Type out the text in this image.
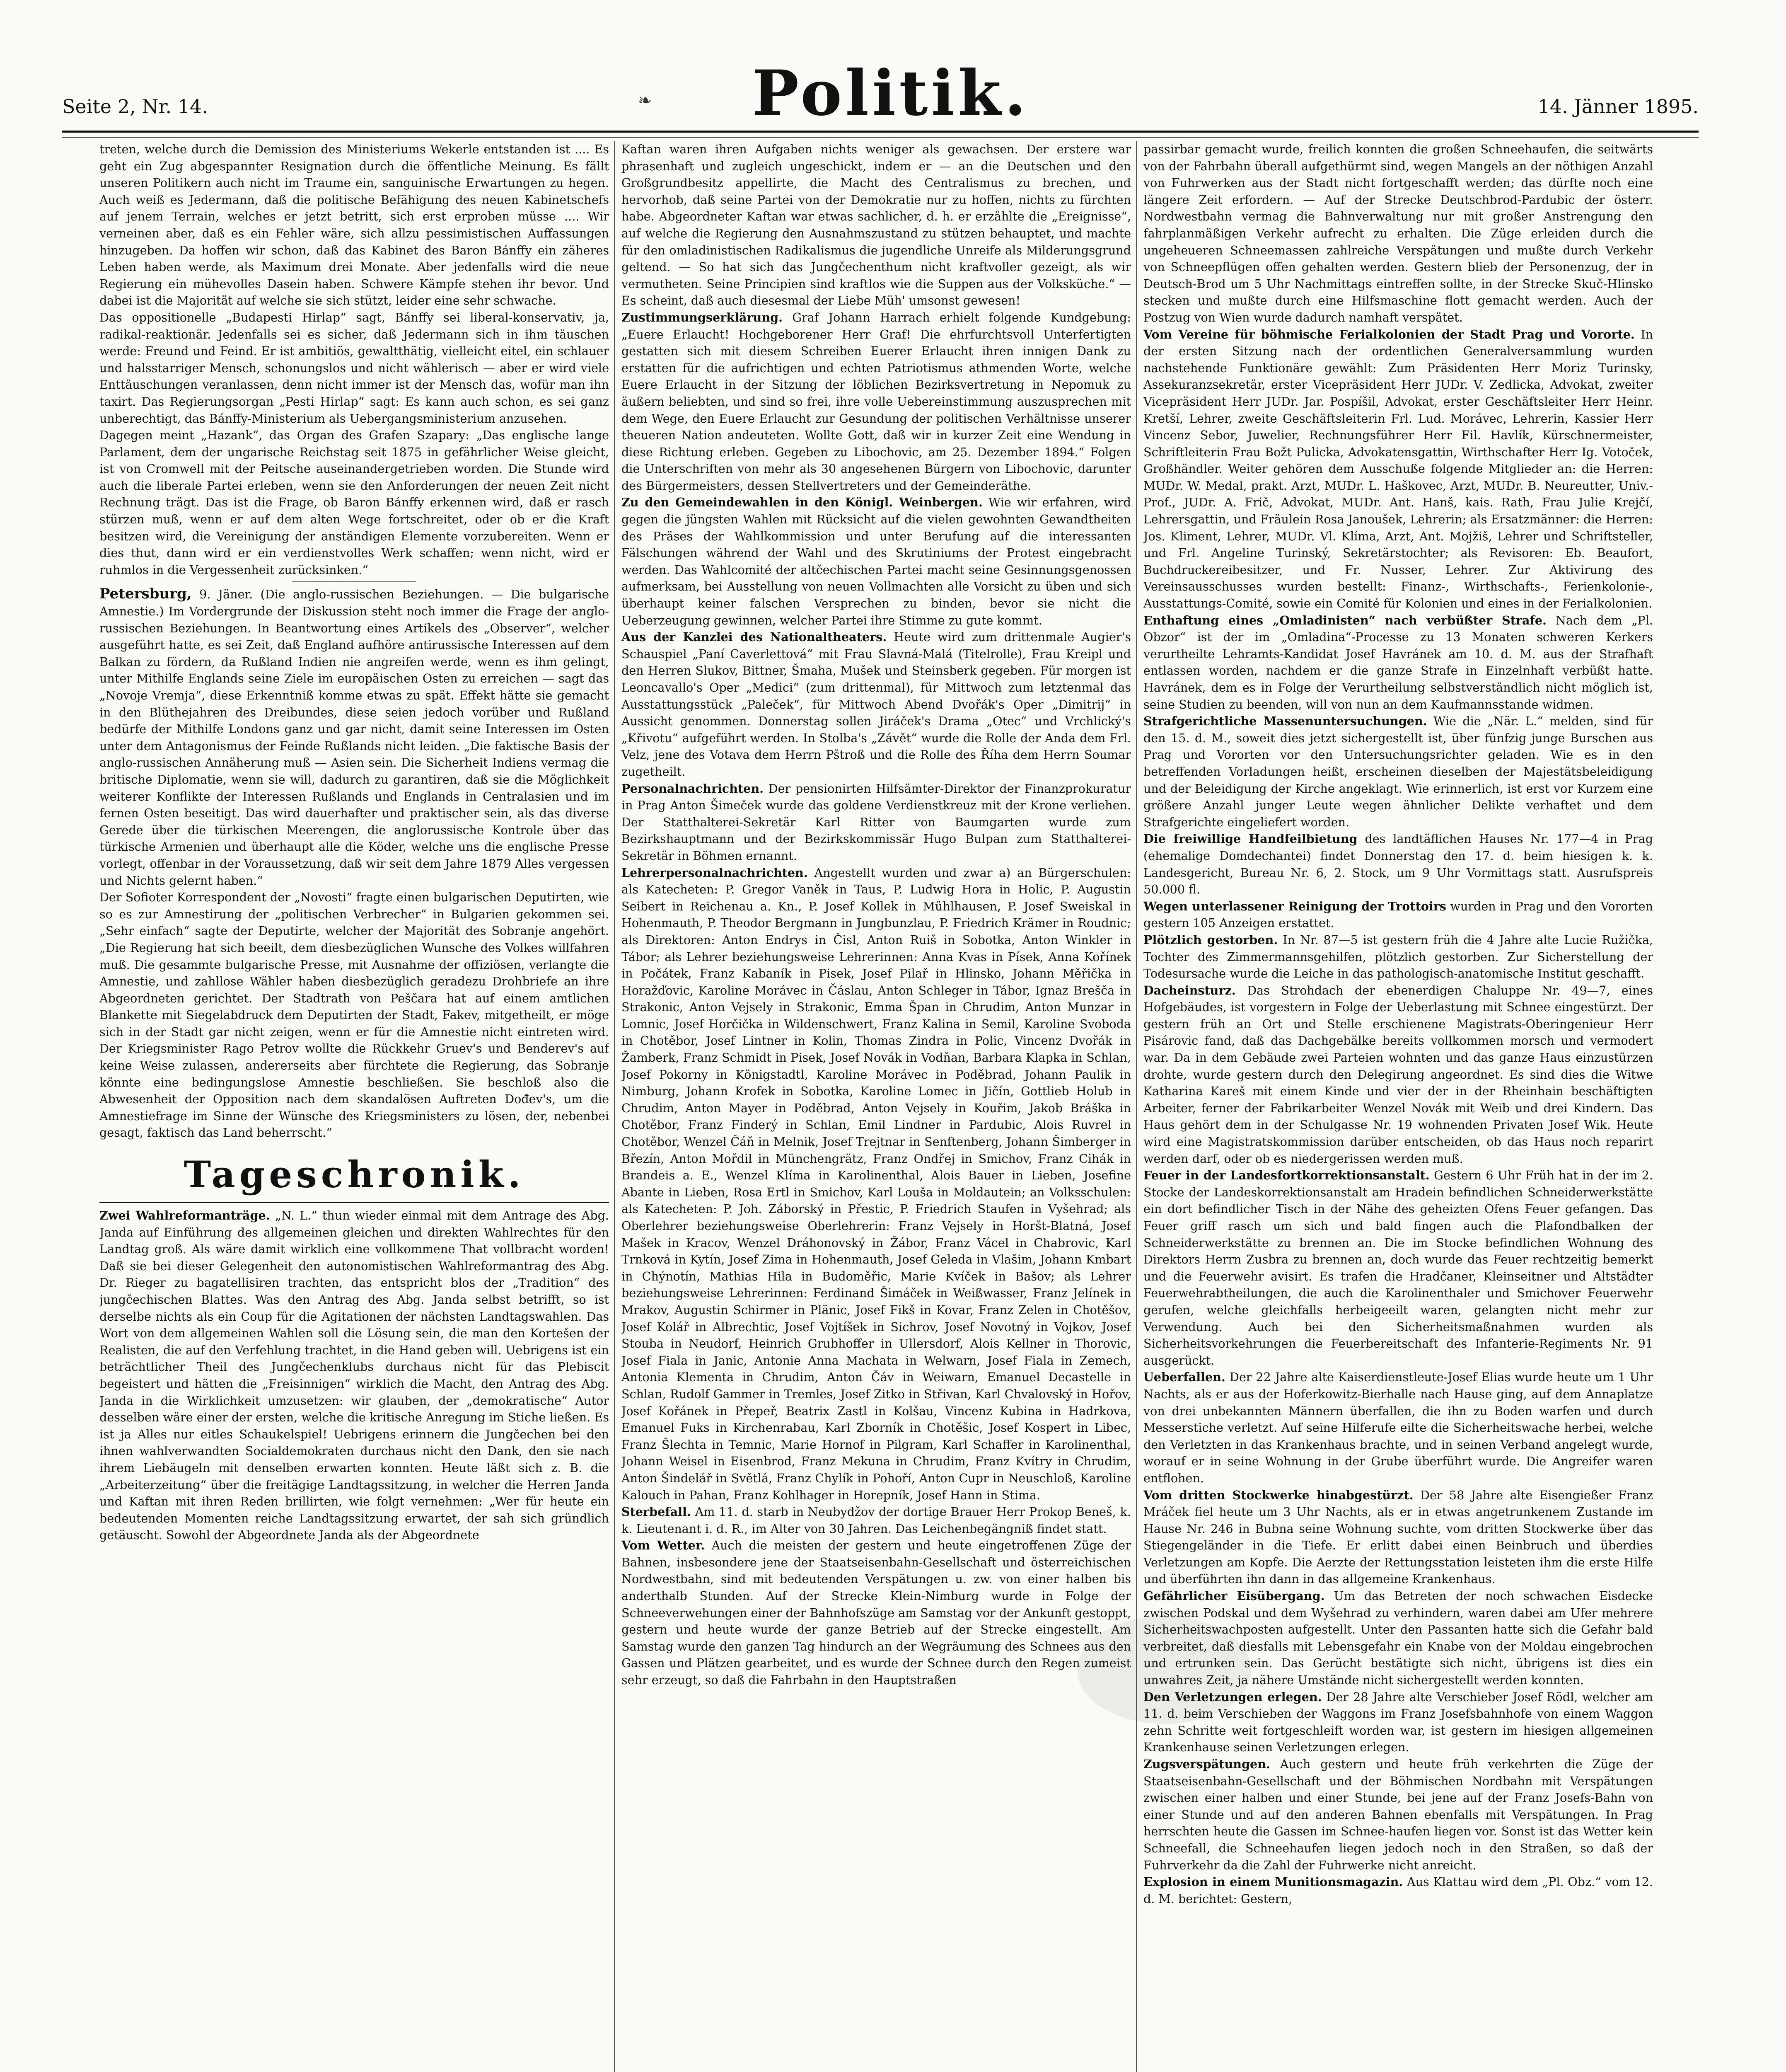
Seite 2, Nr. 14.	❧	Politik.	14. Jänner 1895.

treten, welche durch die Demission des Ministeriums Wekerle entstanden ist .... Es geht ein Zug abgespannter Resignation durch die öffentliche Meinung. Es fällt unseren Politikern auch nicht im Traume ein, sanguinische Erwartungen zu hegen. Auch weiß es Jedermann, daß die politische Befähigung des neuen Kabinetschefs auf jenem Terrain, welches er jetzt betritt, sich erst erproben müsse .... Wir verneinen aber, daß es ein Fehler wäre, sich allzu pessimistischen Auffassungen hinzugeben. Da hoffen wir schon, daß das Kabinet des Baron Bánffy ein zäheres Leben haben werde, als Maximum drei Monate. Aber jedenfalls wird die neue Regierung ein mühevolles Dasein haben. Schwere Kämpfe stehen ihr bevor. Und dabei ist die Majorität auf welche sie sich stützt, leider eine sehr schwache.

Das oppositionelle „Budapesti Hirlap“ sagt, Bánffy sei liberal-konservativ, ja, radikal-reaktionär. Jedenfalls sei es sicher, daß Jedermann sich in ihm täuschen werde: Freund und Feind. Er ist ambitiös, gewaltthätig, vielleicht eitel, ein schlauer und halsstarriger Mensch, schonungslos und nicht wählerisch — aber er wird viele Enttäuschungen veranlassen, denn nicht immer ist der Mensch das, wofür man ihn taxirt. Das Regierungsorgan „Pesti Hirlap“ sagt: Es kann auch schon, es sei ganz unberechtigt, das Bánffy-Ministerium als Uebergangsministerium anzusehen.

Dagegen meint „Hazank“, das Organ des Grafen Szapary: „Das englische lange Parlament, dem der ungarische Reichstag seit 1875 in gefährlicher Weise gleicht, ist von Cromwell mit der Peitsche auseinandergetrieben worden. Die Stunde wird auch die liberale Partei erleben, wenn sie den Anforderungen der neuen Zeit nicht Rechnung trägt. Das ist die Frage, ob Baron Bánffy erkennen wird, daß er rasch stürzen muß, wenn er auf dem alten Wege fortschreitet, oder ob er die Kraft besitzen wird, die Vereinigung der anständigen Elemente vorzubereiten. Wenn er dies thut, dann wird er ein verdienstvolles Werk schaffen; wenn nicht, wird er ruhmlos in die Vergessenheit zurücksinken.“

Petersburg, 9. Jäner. (Die anglo-russischen Beziehungen. — Die bulgarische Amnestie.) Im Vordergrunde der Diskussion steht noch immer die Frage der anglo-russischen Beziehungen. In Beantwortung eines Artikels des „Observer“, welcher ausgeführt hatte, es sei Zeit, daß England aufhöre antirussische Interessen auf dem Balkan zu fördern, da Rußland Indien nie angreifen werde, wenn es ihm gelingt, unter Mithilfe Englands seine Ziele im europäischen Osten zu erreichen — sagt das „Novoje Vremja“, diese Erkenntniß komme etwas zu spät. Effekt hätte sie gemacht in den Blüthejahren des Dreibundes, diese seien jedoch vorüber und Rußland bedürfe der Mithilfe Londons ganz und gar nicht, damit seine Interessen im Osten unter dem Antagonismus der Feinde Rußlands nicht leiden. „Die faktische Basis der anglo-russischen Annäherung muß — Asien sein. Die Sicherheit Indiens vermag die britische Diplomatie, wenn sie will, dadurch zu garantiren, daß sie die Möglichkeit weiterer Konflikte der Interessen Rußlands und Englands in Centralasien und im fernen Osten beseitigt. Das wird dauerhafter und praktischer sein, als das diverse Gerede über die türkischen Meerengen, die anglorussische Kontrole über das türkische Armenien und überhaupt alle die Köder, welche uns die englische Presse vorlegt, offenbar in der Voraussetzung, daß wir seit dem Jahre 1879 Alles vergessen und Nichts gelernt haben.“

Der Sofioter Korrespondent der „Novosti“ fragte einen bulgarischen Deputirten, wie so es zur Amnestirung der „politischen Verbrecher“ in Bulgarien gekommen sei. „Sehr einfach“ sagte der Deputirte, welcher der Majorität des Sobranje angehört. „Die Regierung hat sich beeilt, dem diesbezüglichen Wunsche des Volkes willfahren muß. Die gesammte bulgarische Presse, mit Ausnahme der offiziösen, verlangte die Amnestie, und zahllose Wähler haben diesbezüglich geradezu Drohbriefe an ihre Abgeordneten gerichtet. Der Stadtrath von Peščara hat auf einem amtlichen Blankette mit Siegelabdruck dem Deputirten der Stadt, Fakev, mitgetheilt, er möge sich in der Stadt gar nicht zeigen, wenn er für die Amnestie nicht eintreten wird. Der Kriegsminister Rago Petrov wollte die Rückkehr Gruev's und Benderev's auf keine Weise zulassen, andererseits aber fürchtete die Regierung, das Sobranje könnte eine bedingungslose Amnestie beschließen. Sie beschloß also die Abwesenheit der Opposition nach dem skandalösen Auftreten Dođev's, um die Amnestiefrage im Sinne der Wünsche des Kriegsministers zu lösen, der, nebenbei gesagt, faktisch das Land beherrscht.“

Tageschronik.

Zwei Wahlreformanträge. „N. L.“ thun wieder einmal mit dem Antrage des Abg. Janda auf Einführung des allgemeinen gleichen und direkten Wahlrechtes für den Landtag groß. Als wäre damit wirklich eine vollkommene That vollbracht worden! Daß sie bei dieser Gelegenheit den autonomistischen Wahlreformantrag des Abg. Dr. Rieger zu bagatellisiren trachten, das entspricht blos der „Tradition“ des jungčechischen Blattes. Was den Antrag des Abg. Janda selbst betrifft, so ist derselbe nichts als ein Coup für die Agitationen der nächsten Landtagswahlen. Das Wort von dem allgemeinen Wahlen soll die Lösung sein, die man den Kortešen der Realisten, die auf den Verfehlung trachtet, in die Hand geben will. Uebrigens ist ein beträchtlicher Theil des Jungčechenklubs durchaus nicht für das Plebiscit begeistert und hätten die „Freisinnigen“ wirklich die Macht, den Antrag des Abg. Janda in die Wirklichkeit umzusetzen: wir glauben, der „demokratische“ Autor desselben wäre einer der ersten, welche die kritische Anregung im Stiche ließen. Es ist ja Alles nur eitles Schaukelspiel! Uebrigens erinnern die Jungčechen bei den ihnen wahlverwandten Socialdemokraten durchaus nicht den Dank, den sie nach ihrem Liebäugeln mit denselben erwarten konnten. Heute läßt sich z. B. die „Arbeiterzeitung“ über die freitägige Landtagssitzung, in welcher die Herren Janda und Kaftan mit ihren Reden brillirten, wie folgt vernehmen: „Wer für heute ein bedeutenden Momenten reiche Landtagssitzung erwartet, der sah sich gründlich getäuscht. Sowohl der Abgeordnete Janda als der Abgeordnete

Kaftan waren ihren Aufgaben nichts weniger als gewachsen. Der erstere war phrasenhaft und zugleich ungeschickt, indem er — an die Deutschen und den Großgrundbesitz appellirte, die Macht des Centralismus zu brechen, und hervorhob, daß seine Partei von der Demokratie nur zu hoffen, nichts zu fürchten habe. Abgeordneter Kaftan war etwas sachlicher, d. h. er erzählte die „Ereignisse“, auf welche die Regierung den Ausnahmszustand zu stützen behauptet, und machte für den omladinistischen Radikalismus die jugendliche Unreife als Milderungsgrund geltend. — So hat sich das Jungčechenthum nicht kraftvoller gezeigt, als wir vermutheten. Seine Principien sind kraftlos wie die Suppen aus der Volksküche.“ — Es scheint, daß auch diesesmal der Liebe Müh' umsonst gewesen!

Zustimmungserklärung. Graf Johann Harrach erhielt folgende Kundgebung: „Euere Erlaucht! Hochgeborener Herr Graf! Die ehrfurchtsvoll Unterfertigten gestatten sich mit diesem Schreiben Euerer Erlaucht ihren innigen Dank zu erstatten für die aufrichtigen und echten Patriotismus athmenden Worte, welche Euere Erlaucht in der Sitzung der löblichen Bezirksvertretung in Nepomuk zu äußern beliebten, und sind so frei, ihre volle Uebereinstimmung auszusprechen mit dem Wege, den Euere Erlaucht zur Gesundung der politischen Verhältnisse unserer theueren Nation andeuteten. Wollte Gott, daß wir in kurzer Zeit eine Wendung in diese Richtung erleben. Gegeben zu Libochovic, am 25. Dezember 1894.“ Folgen die Unterschriften von mehr als 30 angesehenen Bürgern von Libochovic, darunter des Bürgermeisters, dessen Stellvertreters und der Gemeinderäthe.

Zu den Gemeindewahlen in den Königl. Weinbergen. Wie wir erfahren, wird gegen die jüngsten Wahlen mit Rücksicht auf die vielen gewohnten Gewandtheiten des Präses der Wahlkommission und unter Berufung auf die interessanten Fälschungen während der Wahl und des Skrutiniums der Protest eingebracht werden. Das Wahlcomité der altčechischen Partei macht seine Gesinnungsgenossen aufmerksam, bei Ausstellung von neuen Vollmachten alle Vorsicht zu üben und sich überhaupt keiner falschen Versprechen zu binden, bevor sie nicht die Ueberzeugung gewinnen, welcher Partei ihre Stimme zu gute kommt.

Aus der Kanzlei des Nationaltheaters. Heute wird zum drittenmale Augier's Schauspiel „Paní Caverlettová“ mit Frau Slavná-Malá (Titelrolle), Frau Kreipl und den Herren Slukov, Bittner, Šmaha, Mušek und Steinsberk gegeben. Für morgen ist Leoncavallo's Oper „Medici“ (zum drittenmal), für Mittwoch zum letztenmal das Ausstattungsstück „Paleček“, für Mittwoch Abend Dvořák's Oper „Dimitrij“ in Aussicht genommen. Donnerstag sollen Jiráček's Drama „Otec“ und Vrchlický's „Křivotu“ aufgeführt werden. In Stolba's „Závět“ wurde die Rolle der Anda dem Frl. Velz, jene des Votava dem Herrn Pštroß und die Rolle des Říha dem Herrn Soumar zugetheilt.

Personalnachrichten. Der pensionirten Hilfsämter-Direktor der Finanzprokuratur in Prag Anton Šimeček wurde das goldene Verdienstkreuz mit der Krone verliehen. Der Statthalterei-Sekretär Karl Ritter von Baumgarten wurde zum Bezirkshauptmann und der Bezirkskommissär Hugo Bulpan zum Statthalterei-Sekretär in Böhmen ernannt.

Lehrerpersonalnachrichten. Angestellt wurden und zwar a) an Bürgerschulen: als Katecheten: P. Gregor Vaněk in Taus, P. Ludwig Hora in Holic, P. Augustin Seibert in Reichenau a. Kn., P. Josef Kollek in Mühlhausen, P. Josef Sweiskal in Hohenmauth, P. Theodor Bergmann in Jungbunzlau, P. Friedrich Krämer in Roudnic; als Direktoren: Anton Endrys in Čisl, Anton Ruiš in Sobotka, Anton Winkler in Tábor; als Lehrer beziehungsweise Lehrerinnen: Anna Kvas in Písek, Anna Kořínek in Počátek, Franz Kabaník in Pisek, Josef Pilař in Hlinsko, Johann Měřička in Horažďovic, Karoline Morávec in Čáslau, Anton Schleger in Tábor, Ignaz Brešča in Strakonic, Anton Vejsely in Strakonic, Emma Špan in Chrudim, Anton Munzar in Lomnic, Josef Horčička in Wildenschwert, Franz Kalina in Semil, Karoline Svoboda in Chotěbor, Josef Lintner in Kolin, Thomas Zindra in Polic, Vincenz Dvořák in Žamberk, Franz Schmidt in Pisek, Josef Novák in Vodňan, Barbara Klapka in Schlan, Josef Pokorny in Königstadtl, Karoline Morávec in Poděbrad, Johann Paulik in Nimburg, Johann Krofek in Sobotka, Karoline Lomec in Jičín, Gottlieb Holub in Chrudim, Anton Mayer in Poděbrad, Anton Vejsely in Kouřim, Jakob Bráška in Chotěbor, Franz Finderý in Schlan, Emil Lindner in Pardubic, Alois Ruvrel in Chotěbor, Wenzel Čáň in Melnik, Josef Trejtnar in Senftenberg, Johann Šimberger in Březín, Anton Mořdil in Münchengrätz, Franz Ondřej in Smichov, Franz Cihák in Brandeis a. E., Wenzel Klíma in Karolinenthal, Alois Bauer in Lieben, Josefine Abante in Lieben, Rosa Ertl in Smichov, Karl Louša in Moldautein; an Volksschulen: als Katecheten: P. Joh. Záborský in Přestic, P. Friedrich Staufen in Vyšehrad; als Oberlehrer beziehungsweise Oberlehrerin: Franz Vejsely in Horšt-Blatná, Josef Mašek in Kracov, Wenzel Dráhonovský in Žábor, Franz Vácel in Chabrovic, Karl Trnková in Kytín, Josef Zima in Hohenmauth, Josef Geleda in Vlašim, Johann Kmbart in Chýnotín, Mathias Hila in Budoměřic, Marie Kvíček in Bašov; als Lehrer beziehungsweise Lehrerinnen: Ferdinand Šimáček in Weißwasser, Franz Jelínek in Mrakov, Augustin Schirmer in Plänic, Josef Fikš in Kovar, Franz Zelen in Chotěšov, Josef Kolář in Albrechtic, Josef Vojtíšek in Sichrov, Josef Novotný in Vojkov, Josef Stouba in Neudorf, Heinrich Grubhoffer in Ullersdorf, Alois Kellner in Thorovic, Josef Fiala in Janic, Antonie Anna Machata in Welwarn, Josef Fiala in Zemech, Antonia Klementa in Chrudim, Anton Čáv in Weiwarn, Emanuel Decastelle in Schlan, Rudolf Gammer in Tremles, Josef Zitko in Střivan, Karl Chvalovský in Hořov, Josef Kořánek in Přepeř, Beatrix Zastl in Kolšau, Vincenz Kubina in Hadrkova, Emanuel Fuks in Kirchenrabau, Karl Zborník in Chotěšic, Josef Kospert in Libec, Franz Šlechta in Temnic, Marie Hornof in Pilgram, Karl Schaffer in Karolinenthal, Johann Weisel in Eisenbrod, Franz Mekuna in Chrudim, Franz Kvítry in Chrudim, Anton Šindelář in Světlá, Franz Chylík in Pohoří, Anton Cupr in Neuschloß, Karoline Kalouch in Pahan, Franz Kohlhager in Horepník, Josef Hann in Stima.

Sterbefall. Am 11. d. starb in Neubydžov der dortige Brauer Herr Prokop Beneš, k. k. Lieutenant i. d. R., im Alter von 30 Jahren. Das Leichenbegängniß findet statt.

Vom Wetter. Auch die meisten der gestern und heute eingetroffenen Züge der Bahnen, insbesondere jene der Staatseisenbahn-Gesellschaft und österreichischen Nordwestbahn, sind mit bedeutenden Verspätungen u. zw. von einer halben bis anderthalb Stunden. Auf der Strecke Klein-Nimburg wurde in Folge der Schneeverwehungen einer der Bahnhofszüge am Samstag vor der Ankunft gestoppt, gestern und heute wurde der ganze Betrieb auf der Strecke eingestellt. Am Samstag wurde den ganzen Tag hindurch an der Wegräumung des Schnees aus den Gassen und Plätzen gearbeitet, und es wurde der Schnee durch den Regen zumeist sehr erzeugt, so daß die Fahrbahn in den Hauptstraßen

passirbar gemacht wurde, freilich konnten die großen Schneehaufen, die seitwärts von der Fahrbahn überall aufgethürmt sind, wegen Mangels an der nöthigen Anzahl von Fuhrwerken aus der Stadt nicht fortgeschafft werden; das dürfte noch eine längere Zeit erfordern. — Auf der Strecke Deutschbrod-Pardubic der österr. Nordwestbahn vermag die Bahnverwaltung nur mit großer Anstrengung den fahrplanmäßigen Verkehr aufrecht zu erhalten. Die Züge erleiden durch die ungeheueren Schneemassen zahlreiche Verspätungen und mußte durch Verkehr von Schneepflügen offen gehalten werden. Gestern blieb der Personenzug, der in Deutsch-Brod um 5 Uhr Nachmittags eintreffen sollte, in der Strecke Skuč-Hlinsko stecken und mußte durch eine Hilfsmaschine flott gemacht werden. Auch der Postzug von Wien wurde dadurch namhaft verspätet.

Vom Vereine für böhmische Ferialkolonien der Stadt Prag und Vororte. In der ersten Sitzung nach der ordentlichen Generalversammlung wurden nachstehende Funktionäre gewählt: Zum Präsidenten Herr Moriz Turinsky, Assekuranzsekretär, erster Vicepräsident Herr JUDr. V. Zedlicka, Advokat, zweiter Vicepräsident Herr JUDr. Jar. Pospíšil, Advokat, erster Geschäftsleiter Herr Heinr. Kretší, Lehrer, zweite Geschäftsleiterin Frl. Lud. Morávec, Lehrerin, Kassier Herr Vincenz Sebor, Juwelier, Rechnungsführer Herr Fil. Havlík, Kürschnermeister, Schriftleiterin Frau Božt Pulicka, Advokatensgattin, Wirthschafter Herr Ig. Votoček, Großhändler. Weiter gehören dem Ausschuße folgende Mitglieder an: die Herren: MUDr. W. Medal, prakt. Arzt, MUDr. L. Haškovec, Arzt, MUDr. B. Neureutter, Univ.-Prof., JUDr. A. Frič, Advokat, MUDr. Ant. Hanš, kais. Rath, Frau Julie Krejčí, Lehrersgattin, und Fräulein Rosa Janoušek, Lehrerin; als Ersatzmänner: die Herren: Jos. Kliment, Lehrer, MUDr. Vl. Klíma, Arzt, Ant. Mojžiš, Lehrer und Schriftsteller, und Frl. Angeline Turinský, Sekretärstochter; als Revisoren: Eb. Beaufort, Buchdruckereibesitzer, und Fr. Nusser, Lehrer. Zur Aktivirung des Vereinsausschusses wurden bestellt: Finanz-, Wirthschafts-, Ferienkolonie-, Ausstattungs-Comité, sowie ein Comité für Kolonien und eines in der Ferialkolonien.

Enthaftung eines „Omladinisten“ nach verbüßter Strafe. Nach dem „Pl. Obzor“ ist der im „Omladina“-Processe zu 13 Monaten schweren Kerkers verurtheilte Lehramts-Kandidat Josef Havránek am 10. d. M. aus der Strafhaft entlassen worden, nachdem er die ganze Strafe in Einzelnhaft verbüßt hatte. Havránek, dem es in Folge der Verurtheilung selbstverständlich nicht möglich ist, seine Studien zu beenden, will von nun an dem Kaufmannsstande widmen.

Strafgerichtliche Massenuntersuchungen. Wie die „När. L.“ melden, sind für den 15. d. M., soweit dies jetzt sichergestellt ist, über fünfzig junge Burschen aus Prag und Vororten vor den Untersuchungsrichter geladen. Wie es in den betreffenden Vorladungen heißt, erscheinen dieselben der Majestätsbeleidigung und der Beleidigung der Kirche angeklagt. Wie erinnerlich, ist erst vor Kurzem eine größere Anzahl junger Leute wegen ähnlicher Delikte verhaftet und dem Strafgerichte eingeliefert worden.

Die freiwillige Handfeilbietung des landtäflichen Hauses Nr. 177—4 in Prag (ehemalige Domdechantei) findet Donnerstag den 17. d. beim hiesigen k. k. Landesgericht, Bureau Nr. 6, 2. Stock, um 9 Uhr Vormittags statt. Ausrufspreis 50.000 fl.

Wegen unterlassener Reinigung der Trottoirs wurden in Prag und den Vororten gestern 105 Anzeigen erstattet.

Plötzlich gestorben. In Nr. 87—5 ist gestern früh die 4 Jahre alte Lucie Ružička, Tochter des Zimmermannsgehilfen, plötzlich gestorben. Zur Sicherstellung der Todesursache wurde die Leiche in das pathologisch-anatomische Institut geschafft.

Dacheinsturz. Das Strohdach der ebenerdigen Chaluppe Nr. 49—7, eines Hofgebäudes, ist vorgestern in Folge der Ueberlastung mit Schnee eingestürzt. Der gestern früh an Ort und Stelle erschienene Magistrats-Oberingenieur Herr Pisárovic fand, daß das Dachgebälke bereits vollkommen morsch und vermodert war. Da in dem Gebäude zwei Parteien wohnten und das ganze Haus einzustürzen drohte, wurde gestern durch den Delegirung angeordnet. Es sind dies die Witwe Katharina Kareš mit einem Kinde und vier der in der Rheinhain beschäftigten Arbeiter, ferner der Fabrikarbeiter Wenzel Novák mit Weib und drei Kindern. Das Haus gehört dem in der Schulgasse Nr. 19 wohnenden Privaten Josef Wik. Heute wird eine Magistratskommission darüber entscheiden, ob das Haus noch reparirt werden darf, oder ob es niedergerissen werden muß.

Feuer in der Landesfortkorrektionsanstalt. Gestern 6 Uhr Früh hat in der im 2. Stocke der Landeskorrektionsanstalt am Hradein befindlichen Schneiderwerkstätte ein dort befindlicher Tisch in der Nähe des geheizten Ofens Feuer gefangen. Das Feuer griff rasch um sich und bald fingen auch die Plafondbalken der Schneiderwerkstätte zu brennen an. Die im Stocke befindlichen Wohnung des Direktors Herrn Zusbra zu brennen an, doch wurde das Feuer rechtzeitig bemerkt und die Feuerwehr avisirt. Es trafen die Hradčaner, Kleinseitner und Altstädter Feuerwehrabtheilungen, die auch die Karolinenthaler und Smichover Feuerwehr gerufen, welche gleichfalls herbeigeeilt waren, gelangten nicht mehr zur Verwendung. Auch bei den Sicherheitsmaßnahmen wurden als Sicherheitsvorkehrungen die Feuerbereitschaft des Infanterie-Regiments Nr. 91 ausgerückt.

Ueberfallen. Der 22 Jahre alte Kaiserdienstleute-Josef Elias wurde heute um 1 Uhr Nachts, als er aus der Hoferkowitz-Bierhalle nach Hause ging, auf dem Annaplatze von drei unbekannten Männern überfallen, die ihn zu Boden warfen und durch Messerstiche verletzt. Auf seine Hilferufe eilte die Sicherheitswache herbei, welche den Verletzten in das Krankenhaus brachte, und in seinen Verband angelegt wurde, worauf er in seine Wohnung in der Grube überführt wurde. Die Angreifer waren entflohen.

Vom dritten Stockwerke hinabgestürzt. Der 58 Jahre alte Eisengießer Franz Mráček fiel heute um 3 Uhr Nachts, als er in etwas angetrunkenem Zustande im Hause Nr. 246 in Bubna seine Wohnung suchte, vom dritten Stockwerke über das Stiegengeländer in die Tiefe. Er erlitt dabei einen Beinbruch und überdies Verletzungen am Kopfe. Die Aerzte der Rettungsstation leisteten ihm die erste Hilfe und überführten ihn dann in das allgemeine Krankenhaus.

Gefährlicher Eisübergang. Um das Betreten der noch schwachen Eisdecke zwischen Podskal und dem Wyšehrad zu verhindern, waren dabei am Ufer mehrere Sicherheitswachposten aufgestellt. Unter den Passanten hatte sich die Gefahr bald verbreitet, daß diesfalls mit Lebensgefahr ein Knabe von der Moldau eingebrochen und ertrunken sein. Das Gerücht bestätigte sich nicht, übrigens ist dies ein unwahres Zeit, ja nähere Umstände nicht sichergestellt werden konnten.

Den Verletzungen erlegen. Der 28 Jahre alte Verschieber Josef Rödl, welcher am 11. d. beim Verschieben der Waggons im Franz Josefsbahnhofe von einem Waggon zehn Schritte weit fortgeschleift worden war, ist gestern im hiesigen allgemeinen Krankenhause seinen Verletzungen erlegen.

Zugsverspätungen. Auch gestern und heute früh verkehrten die Züge der Staatseisenbahn-Gesellschaft und der Böhmischen Nordbahn mit Verspätungen zwischen einer halben und einer Stunde, bei jene auf der Franz Josefs-Bahn von einer Stunde und auf den anderen Bahnen ebenfalls mit Verspätungen. In Prag herrschten heute die Gassen im Schnee-haufen liegen vor. Sonst ist das Wetter kein Schneefall, die Schneehaufen liegen jedoch noch in den Straßen, so daß der Fuhrverkehr da die Zahl der Fuhrwerke nicht anreicht.

Explosion in einem Munitionsmagazin. Aus Klattau wird dem „Pl. Obz.“ vom 12. d. M. berichtet: Gestern,
